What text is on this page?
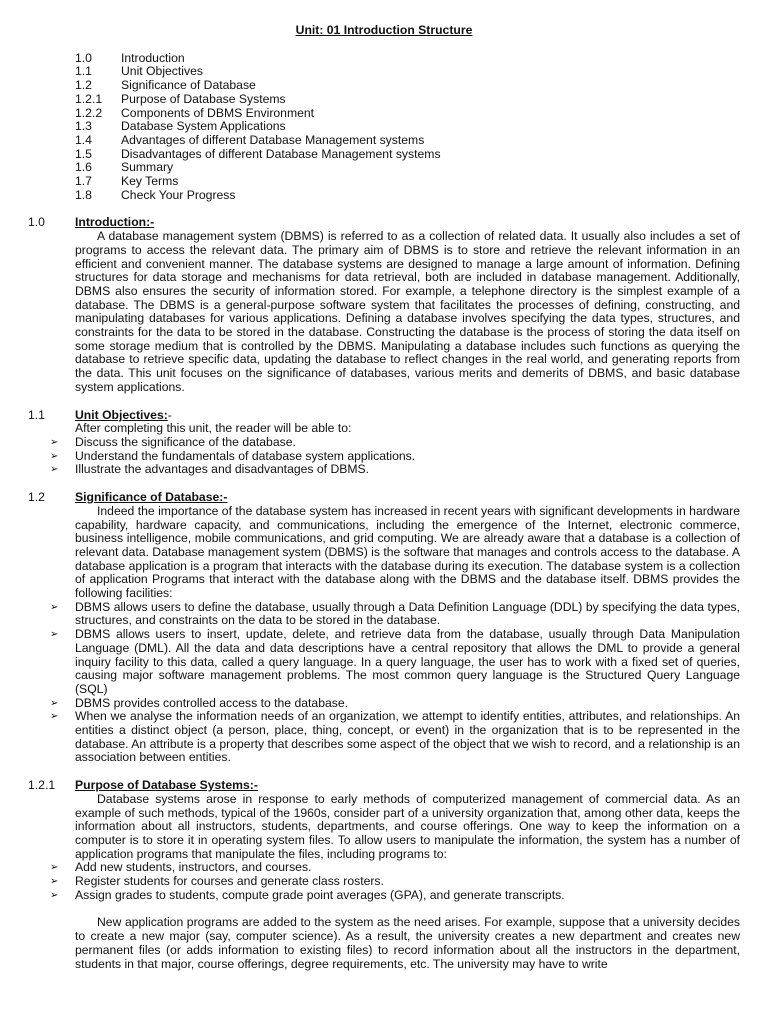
Unit: 01 Introduction Structure
1.0	Introduction
1.1	Unit Objectives
1.2	Significance of Database
1.2.1	Purpose of Database Systems
1.2.2	Components of DBMS Environment
1.3	Database System Applications
1.4	Advantages of different Database Management systems
1.5	Disadvantages of different Database Management systems
1.6	Summary
1.7	Key Terms
1.8	Check Your Progress
1.0	Introduction:-

A database management system (DBMS) is referred to as a collection of related data. It usually also includes a set of programs to access the relevant data. The primary aim of DBMS is to store and retrieve the relevant information in an efficient and convenient manner. The database systems are designed to manage a large amount of information. Defining structures for data storage and mechanisms for data retrieval, both are included in database management. Additionally, DBMS also ensures the security of information stored. For example, a telephone directory is the simplest example of a database. The DBMS is a general-purpose software system that facilitates the processes of defining, constructing, and manipulating databases for various applications. Defining a database involves specifying the data types, structures, and constraints for the data to be stored in the database. Constructing the database is the process of storing the data itself on some storage medium that is controlled by the DBMS. Manipulating a database includes such functions as querying the database to retrieve specific data, updating the database to reflect changes in the real world, and generating reports from the data. This unit focuses on the significance of databases, various merits and demerits of DBMS, and basic database system applications.

1.1	Unit Objectives:-

After completing this unit, the reader will be able to:

➢	Discuss the significance of the database.
➢	Understand the fundamentals of database system applications.
➢	Illustrate the advantages and disadvantages of DBMS.
1.2	Significance of Database:-

Indeed the importance of the database system has increased in recent years with significant developments in hardware capability, hardware capacity, and communications, including the emergence of the Internet, electronic commerce, business intelligence, mobile communications, and grid computing. We are already aware that a database is a collection of relevant data. Database management system (DBMS) is the software that manages and controls access to the database. A database application is a program that interacts with the database during its execution. The database system is a collection of application Programs that interact with the database along with the DBMS and the database itself. DBMS provides the following facilities:

➢	DBMS allows users to define the database, usually through a Data Definition Language (DDL) by specifying the data types, structures, and constraints on the data to be stored in the database.
➢	DBMS allows users to insert, update, delete, and retrieve data from the database, usually through Data Manipulation Language (DML). All the data and data descriptions have a central repository that allows the DML to provide a general inquiry facility to this data, called a query language. In a query language, the user has to work with a fixed set of queries, causing major software management problems. The most common query language is the Structured Query Language (SQL)
➢	DBMS provides controlled access to the database.
➢	When we analyse the information needs of an organization, we attempt to identify entities, attributes, and relationships. An entities a distinct object (a person, place, thing, concept, or event) in the organization that is to be represented in the database. An attribute is a property that describes some aspect of the object that we wish to record, and a relationship is an association between entities.
1.2.1	Purpose of Database Systems:-

Database systems arose in response to early methods of computerized management of commercial data. As an example of such methods, typical of the 1960s, consider part of a university organization that, among other data, keeps the information about all instructors, students, departments, and course offerings. One way to keep the information on a computer is to store it in operating system files. To allow users to manipulate the information, the system has a number of application programs that manipulate the files, including programs to:

➢	Add new students, instructors, and courses.
➢	Register students for courses and generate class rosters.
➢	Assign grades to students, compute grade point averages (GPA), and generate transcripts.

New application programs are added to the system as the need arises. For example, suppose that a university decides to create a new major (say, computer science). As a result, the university creates a new department and creates new permanent files (or adds information to existing files) to record information about all the instructors in the department, students in that major, course offerings, degree requirements, etc. The university may have to write
